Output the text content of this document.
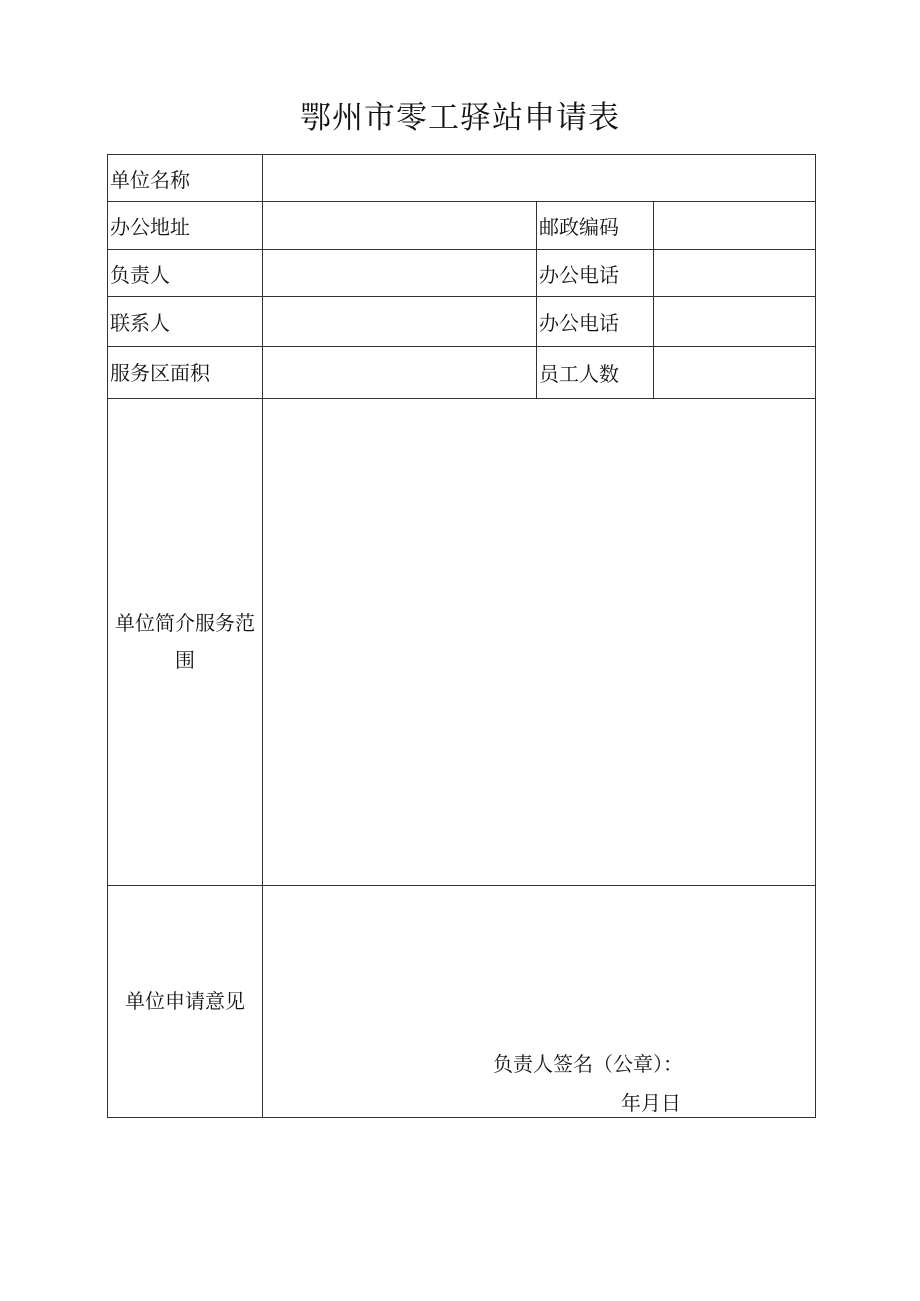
鄂州市零工驿站申请表
单位名称			
办公地址		邮政编码	
负责人		办公电话	
联系人		办公电话	
服务区面积		员工人数	
单位简介服务范
围			
单位申请意见	负责人签名（公章）：
年月日		
